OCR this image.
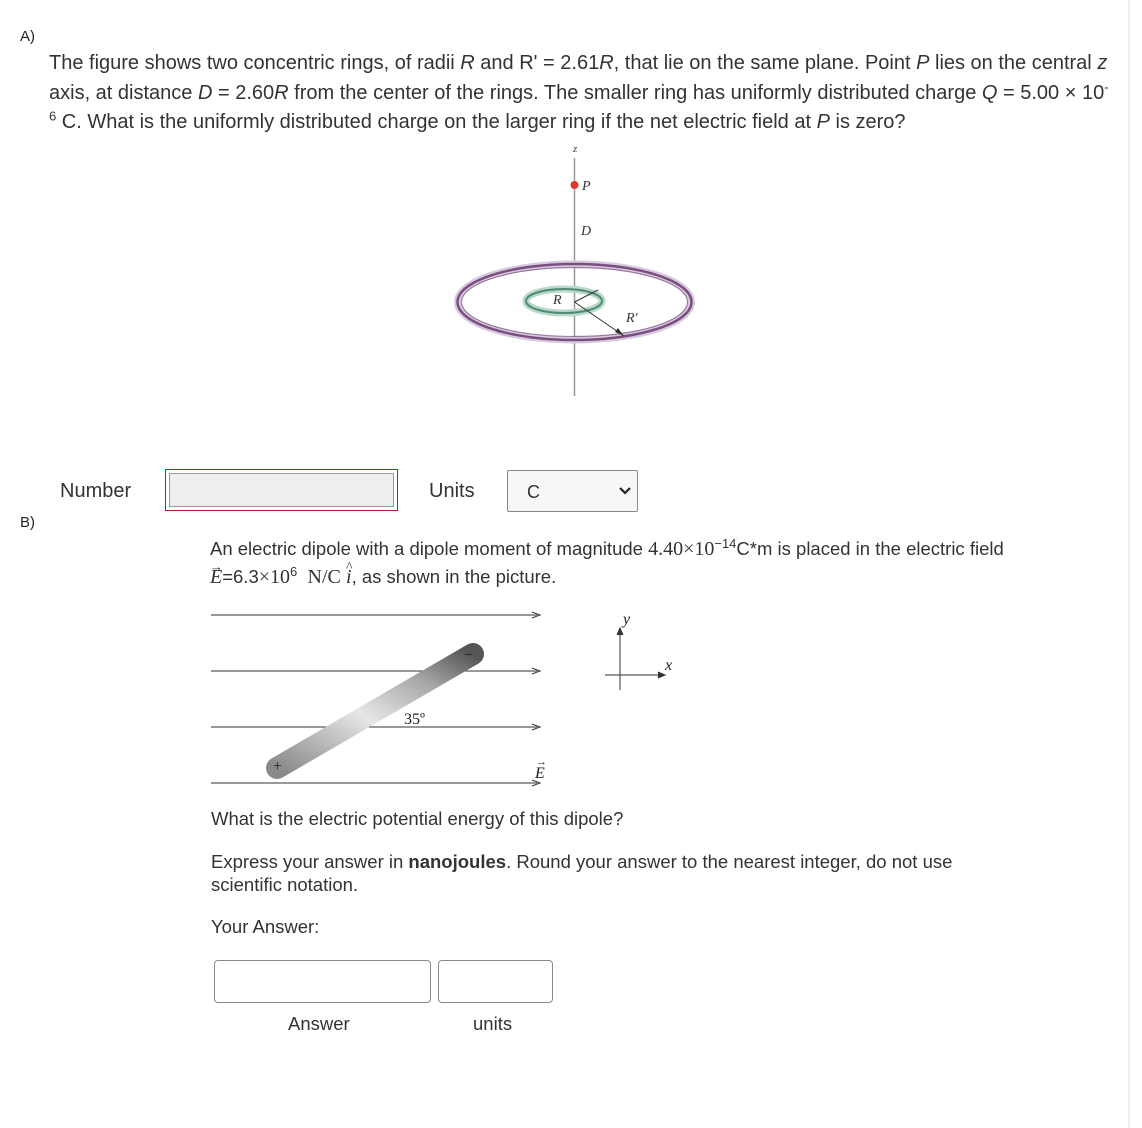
A)
The figure shows two concentric rings, of radii R and R' = 2.61R, that lie on the same plane. Point P lies on the central z axis, at distance D = 2.60R from the center of the rings. The smaller ring has uniformly distributed charge $Q = 5.00 \times 10^{-6}$ C. What is the uniformly distributed charge on the larger ring if the net electric field at P is zero?
z
R
R'
P
D
Number	Units	C
B)
An electric dipole with a dipole moment of magnitude $4.40\times 10^{-14}C*m$ is placed in the electric field → $E=6.3\times 10^6$ N/C ^ i, as shown in the picture.
−
+
35º
E
→
y
x
What is the electric potential energy of this dipole?
Express your answer in nanojoules. Round your answer to the nearest integer, do not use scientific notation.
Your Answer:
Answer	units
